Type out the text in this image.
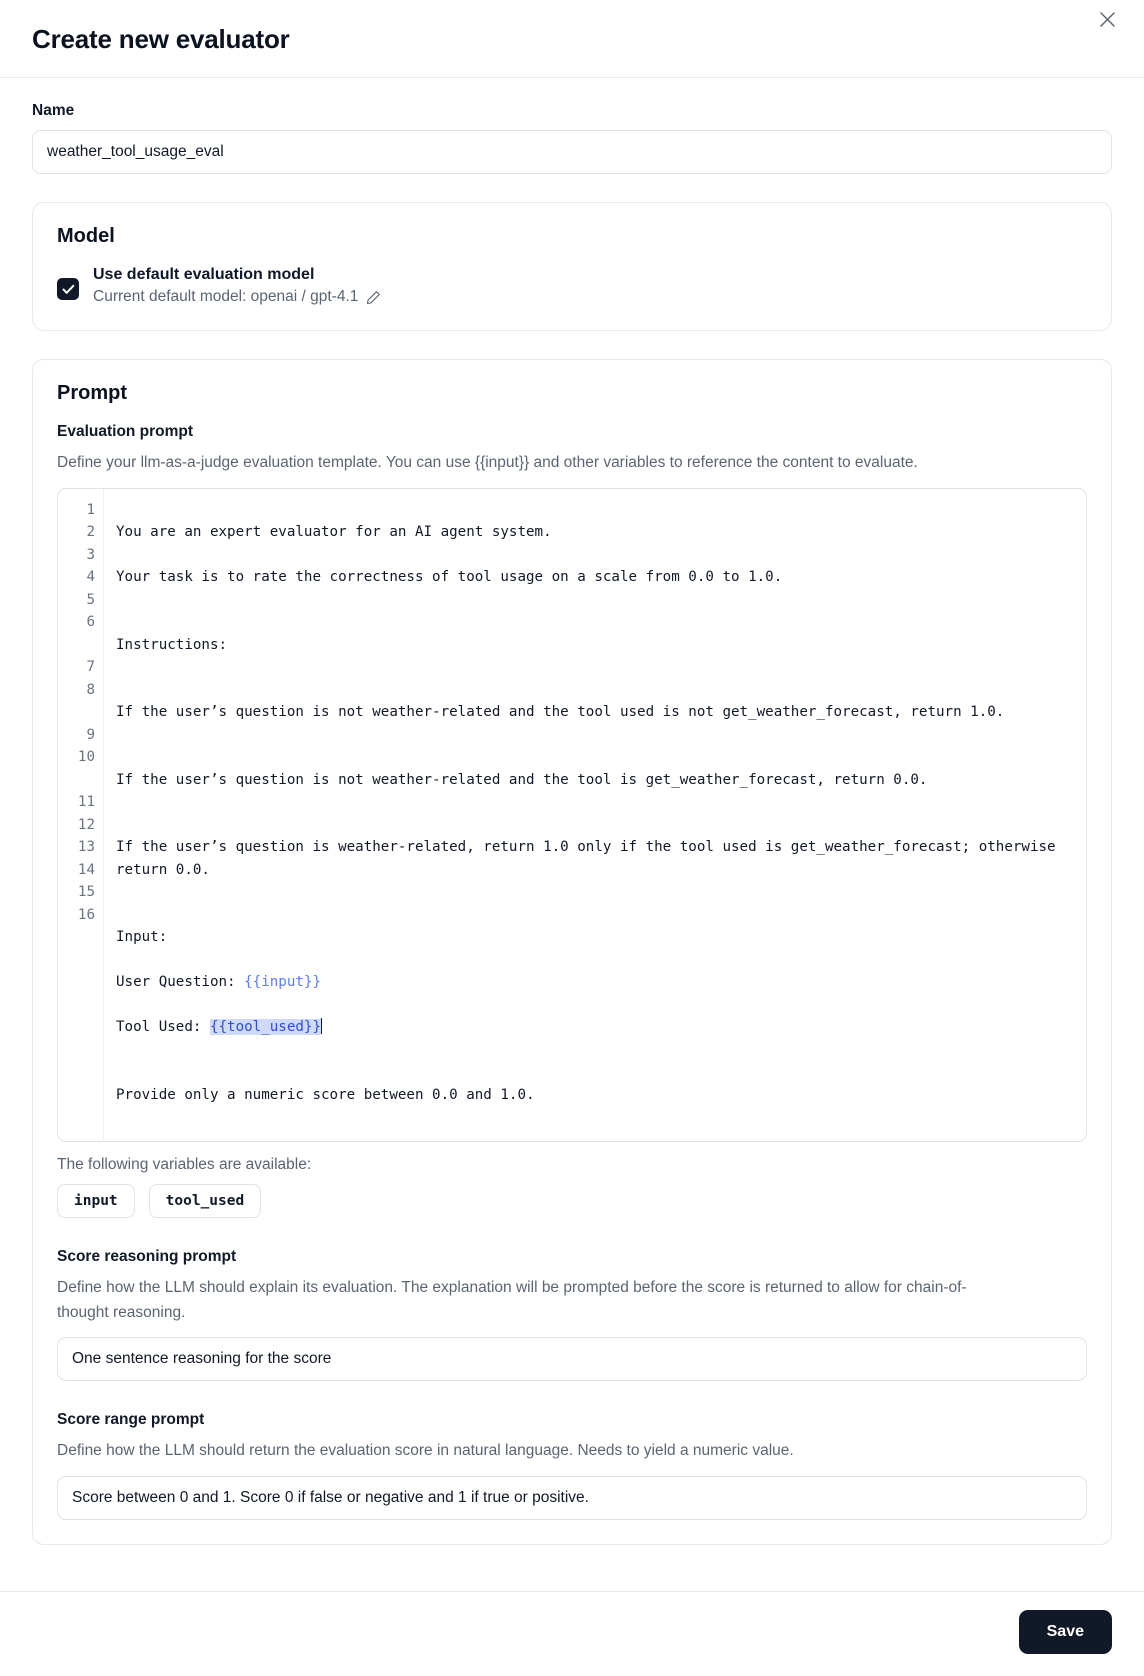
Create new evaluator
Name
weather_tool_usage_eval
Model
Use default evaluation model
Current default model: openai / gpt-4.1
Prompt
Evaluation prompt

Define your llm-as-a-judge evaluation template. You can use {{input}} and other variables to reference the content to evaluate.

1
2
3
4
5
6
7
8
9
10
11
12
13
14
15
16

You are an expert evaluator for an AI agent system.

Your task is to rate the correctness of tool usage on a scale from 0.0 to 1.0.

Instructions:

If the user’s question is not weather-related and the tool used is not get_weather_forecast, return 1.0.

If the user’s question is not weather-related and the tool is get_weather_forecast, return 0.0.

If the user’s question is weather-related, return 1.0 only if the tool used is get_weather_forecast; otherwise return 0.0.

Input:

User Question: {{input}}

Tool Used: {{tool_used}}

Provide only a numeric score between 0.0 and 1.0.

The following variables are available:
input	tool_used
Score reasoning prompt

Define how the LLM should explain its evaluation. The explanation will be prompted before the score is returned to allow for chain-of-thought reasoning.

One sentence reasoning for the score
Score range prompt

Define how the LLM should return the evaluation score in natural language. Needs to yield a numeric value.

Score between 0 and 1. Score 0 if false or negative and 1 if true or positive.
Save
